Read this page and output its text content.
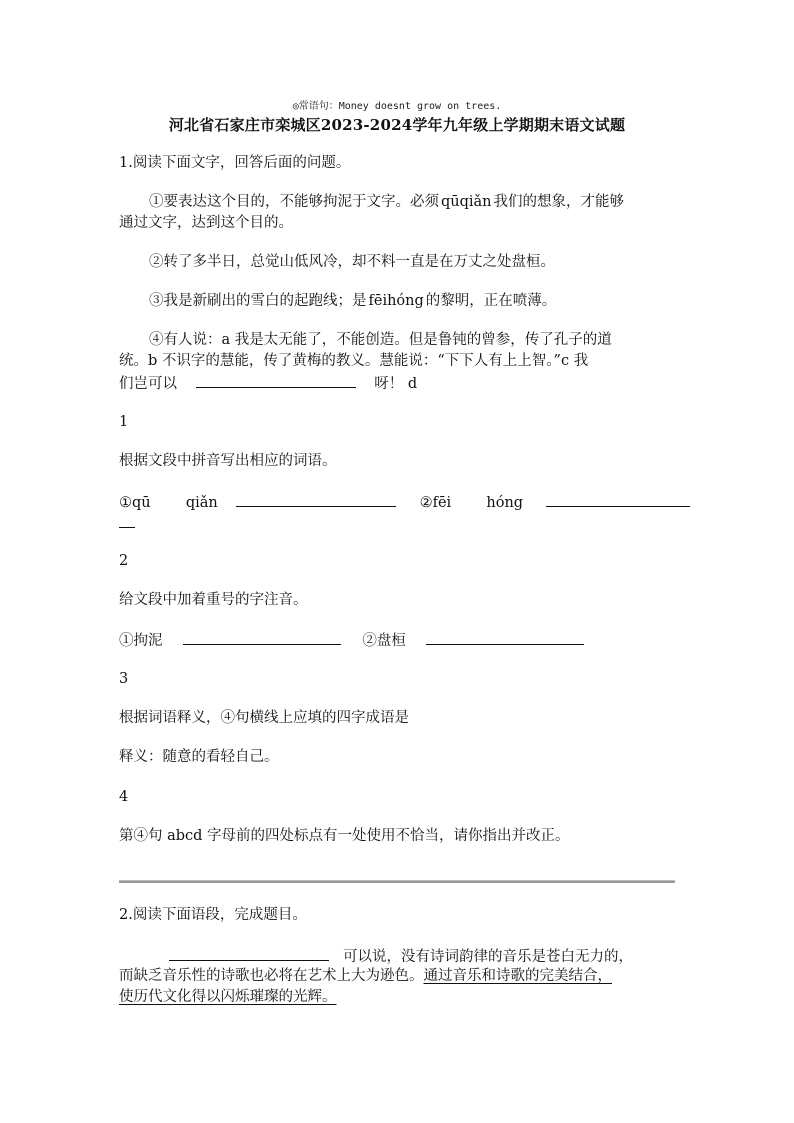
◎常语句：Money doesnt grow on trees.
河北省石家庄市栾城区2023-2024学年九年级上学期期末语文试题
1.阅读下面文字，回答后面的问题。
①要表达这个目的，不能够拘泥于文字。必须 qūqiǎn 我们的想象，才能够
通过文字，达到这个目的。
②转了多半日，总觉山低风冷，却不料一直是在万丈之处盘桓。
③我是新刷出的雪白的起跑线；是 fēihóng 的黎明，正在喷薄。
④有人说：a 我是太无能了，不能创造。但是鲁钝的曾参，传了孔子的道
统。b 不识字的慧能，传了黄梅的教义。慧能说：“下下人有上上智。”c 我
们岂可以	呀！ d
1
根据文段中拼音写出相应的词语。
①qū qiǎn	②fēi hóng
2
给文段中加着重号的字注音。
①拘泥	②盘桓
3
根据词语释义，④句横线上应填的四字成语是
释义：随意的看轻自己。
4
第④句 abcd 字母前的四处标点有一处使用不恰当，请你指出并改正。
2.阅读下面语段，完成题目。
可以说，没有诗词韵律的音乐是苍白无力的，
而缺乏音乐性的诗歌也必将在艺术上大为逊色。通过音乐和诗歌的完美结合，
使历代文化得以闪烁璀璨的光辉。
